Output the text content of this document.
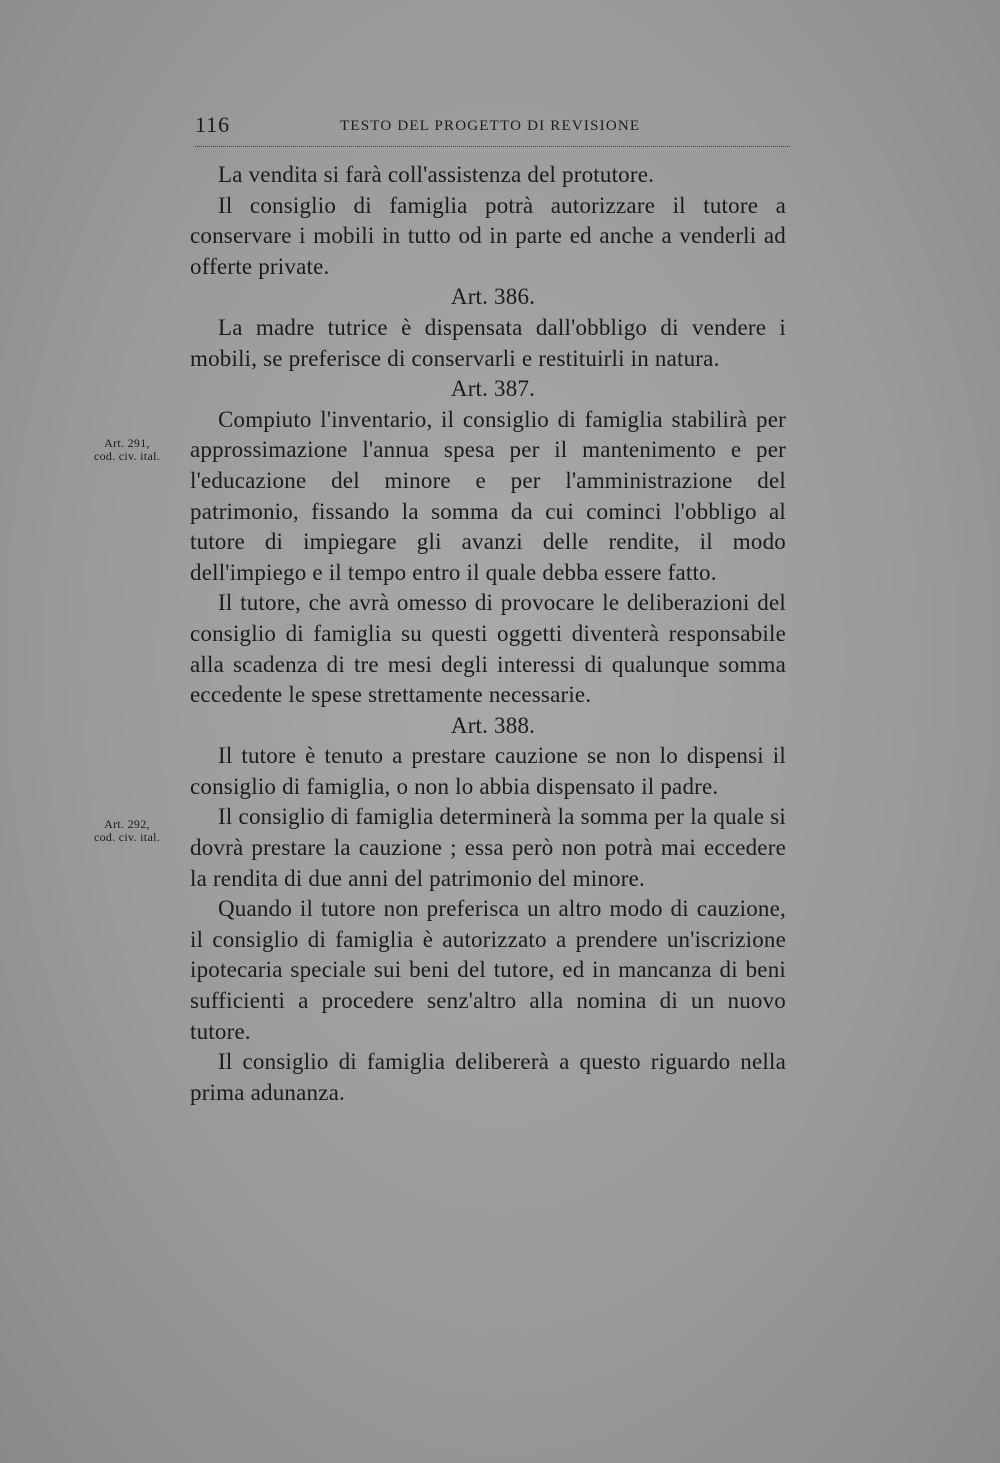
116	TESTO DEL PROGETTO DI REVISIONE
Art. 291,
cod. civ. ital.
Art. 292,
cod. civ. ital.

La vendita si farà coll'assistenza del protutore.

Il consiglio di famiglia potrà autorizzare il tutore a conservare i mobili in tutto od in parte ed anche a venderli ad offerte private.

Art. 386.

La madre tutrice è dispensata dall'obbligo di vendere i mobili, se preferisce di conservarli e restituirli in natura.

Art. 387.

Compiuto l'inventario, il consiglio di famiglia stabilirà per approssimazione l'annua spesa per il mantenimento e per l'educazione del minore e per l'amministrazione del patrimonio, fissando la somma da cui cominci l'obbligo al tutore di impiegare gli avanzi delle rendite, il modo dell'impiego e il tempo entro il quale debba essere fatto.

Il tutore, che avrà omesso di provocare le deliberazioni del consiglio di famiglia su questi oggetti diventerà responsabile alla scadenza di tre mesi degli interessi di qualunque somma eccedente le spese strettamente necessarie.

Art. 388.

Il tutore è tenuto a prestare cauzione se non lo dispensi il consiglio di famiglia, o non lo abbia dispensato il padre.

Il consiglio di famiglia determinerà la somma per la quale si dovrà prestare la cauzione ; essa però non potrà mai eccedere la rendita di due anni del patrimonio del minore.

Quando il tutore non preferisca un altro modo di cauzione, il consiglio di famiglia è autorizzato a prendere un'iscrizione ipotecaria speciale sui beni del tutore, ed in mancanza di beni sufficienti a procedere senz'altro alla nomina di un nuovo tutore.

Il consiglio di famiglia delibererà a questo riguardo nella prima adunanza.
